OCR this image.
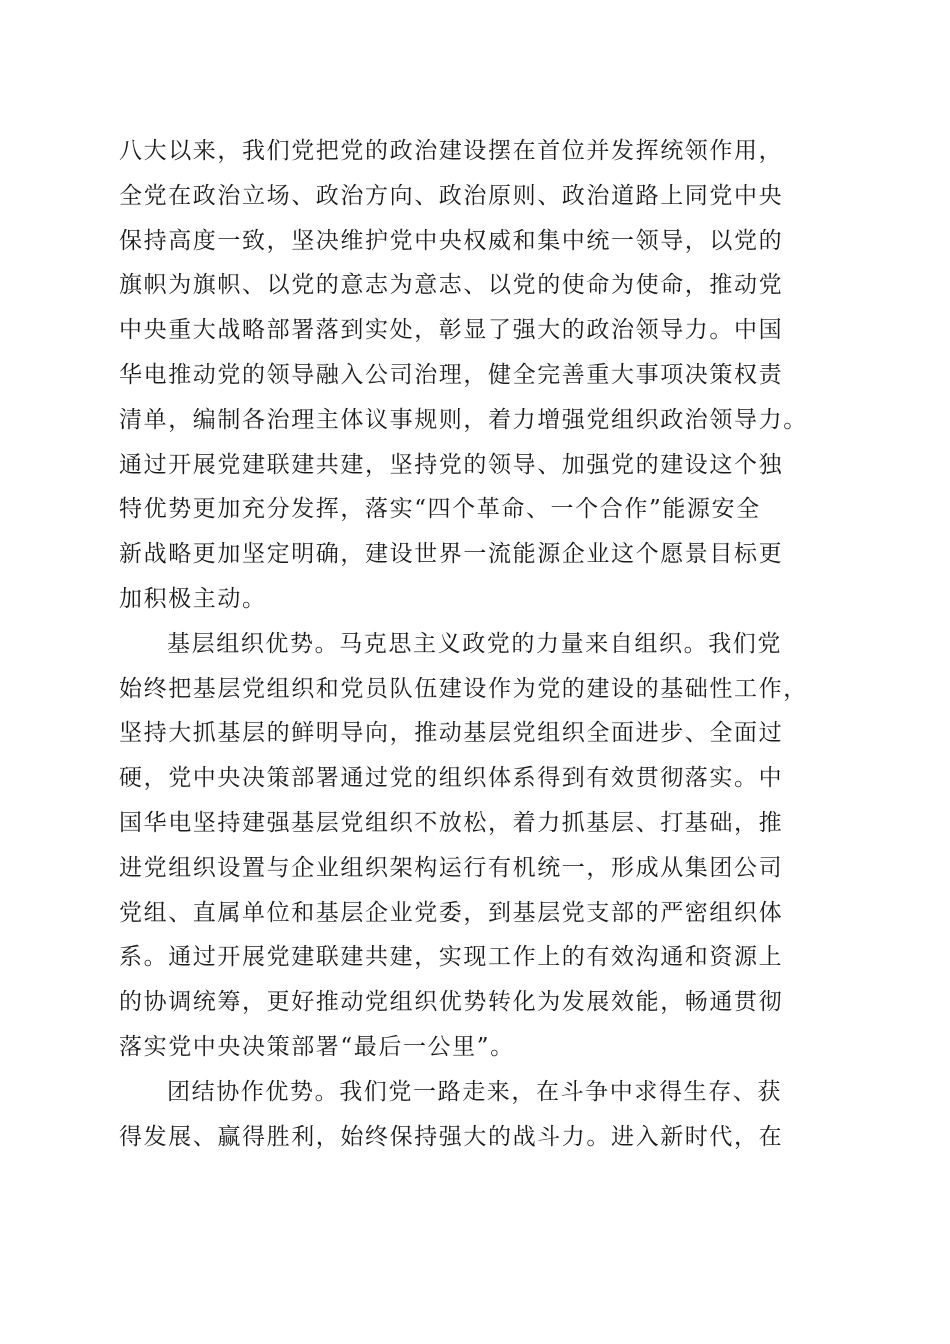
八大以来，我们党把党的政治建设摆在首位并发挥统领作用，
全党在政治立场、政治方向、政治原则、政治道路上同党中央
保持高度一致，坚决维护党中央权威和集中统一领导，以党的
旗帜为旗帜、以党的意志为意志、以党的使命为使命，推动党
中央重大战略部署落到实处，彰显了强大的政治领导力。中国
华电推动党的领导融入公司治理，健全完善重大事项决策权责
清单，编制各治理主体议事规则，着力增强党组织政治领导力。
通过开展党建联建共建，坚持党的领导、加强党的建设这个独
特优势更加充分发挥，落实“四个革命、一个合作”能源安全
新战略更加坚定明确，建设世界一流能源企业这个愿景目标更
加积极主动。
基层组织优势。马克思主义政党的力量来自组织。我们党
始终把基层党组织和党员队伍建设作为党的建设的基础性工作，
坚持大抓基层的鲜明导向，推动基层党组织全面进步、全面过
硬，党中央决策部署通过党的组织体系得到有效贯彻落实。中
国华电坚持建强基层党组织不放松，着力抓基层、打基础，推
进党组织设置与企业组织架构运行有机统一，形成从集团公司
党组、直属单位和基层企业党委，到基层党支部的严密组织体
系。通过开展党建联建共建，实现工作上的有效沟通和资源上
的协调统筹，更好推动党组织优势转化为发展效能，畅通贯彻
落实党中央决策部署“最后一公里”。
团结协作优势。我们党一路走来，在斗争中求得生存、获
得发展、赢得胜利，始终保持强大的战斗力。进入新时代，在
